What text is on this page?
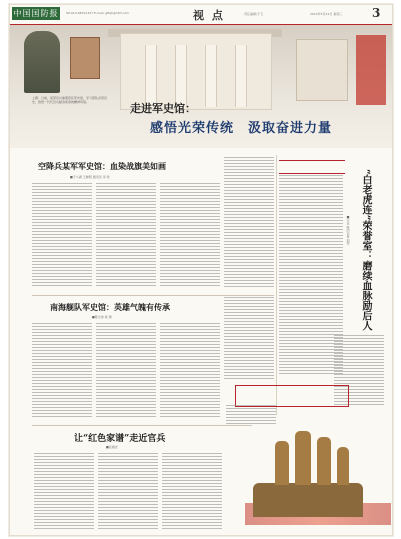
中国国防报	Tel:010-66791327 E-mail: gfbjb@163.com	视 点	责任编辑/于飞	2019年5月22日 星期三 3
上图：日前，某部官兵参观营区军史馆，学习部队光荣历史，感悟一代代官兵献身使命的精神风貌。	走进军史馆：
感悟光荣传统　汲取奋进力量
空降兵某军军史馆：血染战旗美如画
■于小满 王晓明 通讯员 李 欣
南海舰队军史馆：英雄气魄有传承
■陈志伟 杨 勇	“白老虎连”荣誉室：磨续血脉励后人
■王永 特约记者 刘军
让“红色家谱”走近官兵
■张晨光
